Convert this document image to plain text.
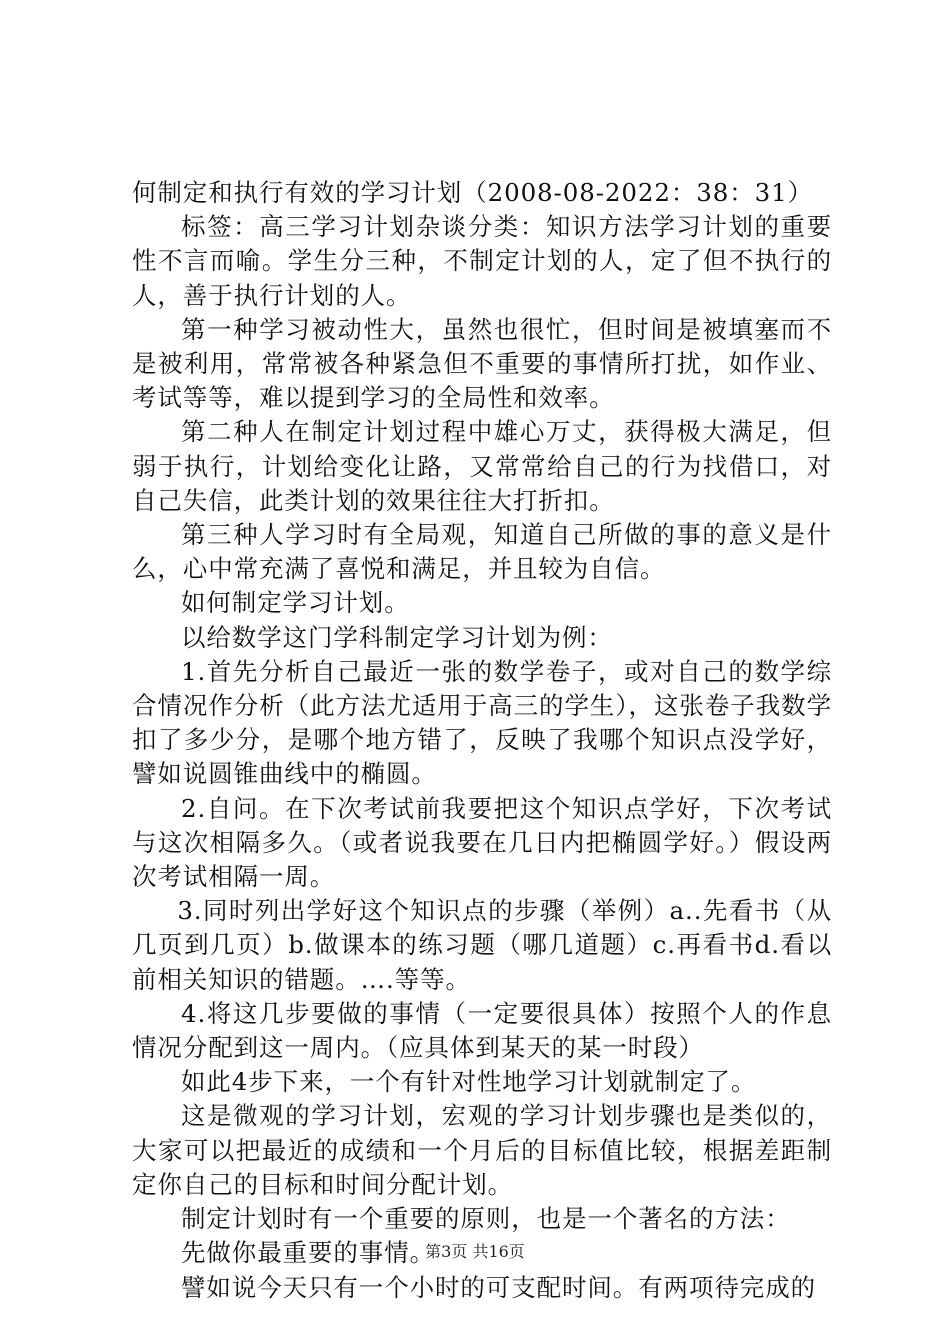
何制定和执行有效的学习计划（2008-08-2022：38：31）

标签：高三学习计划杂谈分类：知识方法学习计划的重要性不言而喻。学生分三种，不制定计划的人，定了但不执行的人，善于执行计划的人。

第一种学习被动性大，虽然也很忙，但时间是被填塞而不是被利用，常常被各种紧急但不重要的事情所打扰，如作业、考试等等，难以提到学习的全局性和效率。

第二种人在制定计划过程中雄心万丈，获得极大满足，但弱于执行，计划给变化让路，又常常给自己的行为找借口，对自己失信，此类计划的效果往往大打折扣。

第三种人学习时有全局观，知道自己所做的事的意义是什么，心中常充满了喜悦和满足，并且较为自信。

如何制定学习计划。

以给数学这门学科制定学习计划为例：

1.首先分析自己最近一张的数学卷子，或对自己的数学综合情况作分析（此方法尤适用于高三的学生），这张卷子我数学扣了多少分，是哪个地方错了，反映了我哪个知识点没学好，譬如说圆锥曲线中的椭圆。

2.自问。在下次考试前我要把这个知识点学好，下次考试与这次相隔多久。（或者说我要在几日内把椭圆学好。）假设两次考试相隔一周。

3.同时列出学好这个知识点的步骤（举例）a..先看书（从几页到几页）b.做课本的练习题（哪几道题）c.再看书d.看以前相关知识的错题。….等等。

4.将这几步要做的事情（一定要很具体）按照个人的作息情况分配到这一周内。（应具体到某天的某一时段）

如此4步下来，一个有针对性地学习计划就制定了。

这是微观的学习计划，宏观的学习计划步骤也是类似的，大家可以把最近的成绩和一个月后的目标值比较，根据差距制定你自己的目标和时间分配计划。

制定计划时有一个重要的原则，也是一个著名的方法：

先做你最重要的事情。

譬如说今天只有一个小时的可支配时间。有两项待完成的

第3页 共16页
